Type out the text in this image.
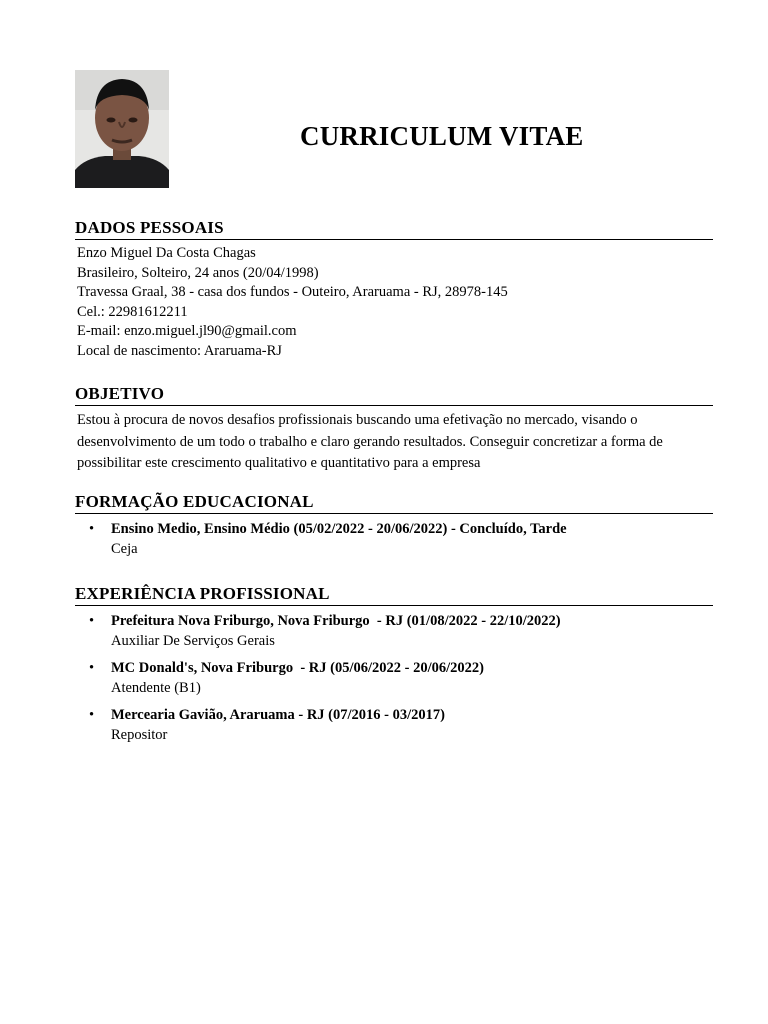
CURRICULUM VITAE
DADOS PESSOAIS
Enzo Miguel Da Costa Chagas
Brasileiro, Solteiro, 24 anos (20/04/1998)
Travessa Graal, 38 - casa dos fundos - Outeiro, Araruama - RJ, 28978-145
Cel.: 22981612211
E-mail: enzo.miguel.jl90@gmail.com
Local de nascimento: Araruama-RJ
OBJETIVO
Estou à procura de novos desafios profissionais buscando uma efetivação no mercado, visando o desenvolvimento de um todo o trabalho e claro gerando resultados. Conseguir concretizar a forma de possibilitar este crescimento qualitativo e quantitativo para a empresa
FORMAÇÃO EDUCACIONAL
• Ensino Medio, Ensino Médio (05/02/2022 - 20/06/2022) - Concluído, Tarde
Ceja
EXPERIÊNCIA PROFISSIONAL
• Prefeitura Nova Friburgo, Nova Friburgo  - RJ (01/08/2022 - 22/10/2022)
Auxiliar De Serviços Gerais
• MC Donald's, Nova Friburgo  - RJ (05/06/2022 - 20/06/2022)
Atendente (B1)
• Mercearia Gavião, Araruama - RJ (07/2016 - 03/2017)
Repositor
